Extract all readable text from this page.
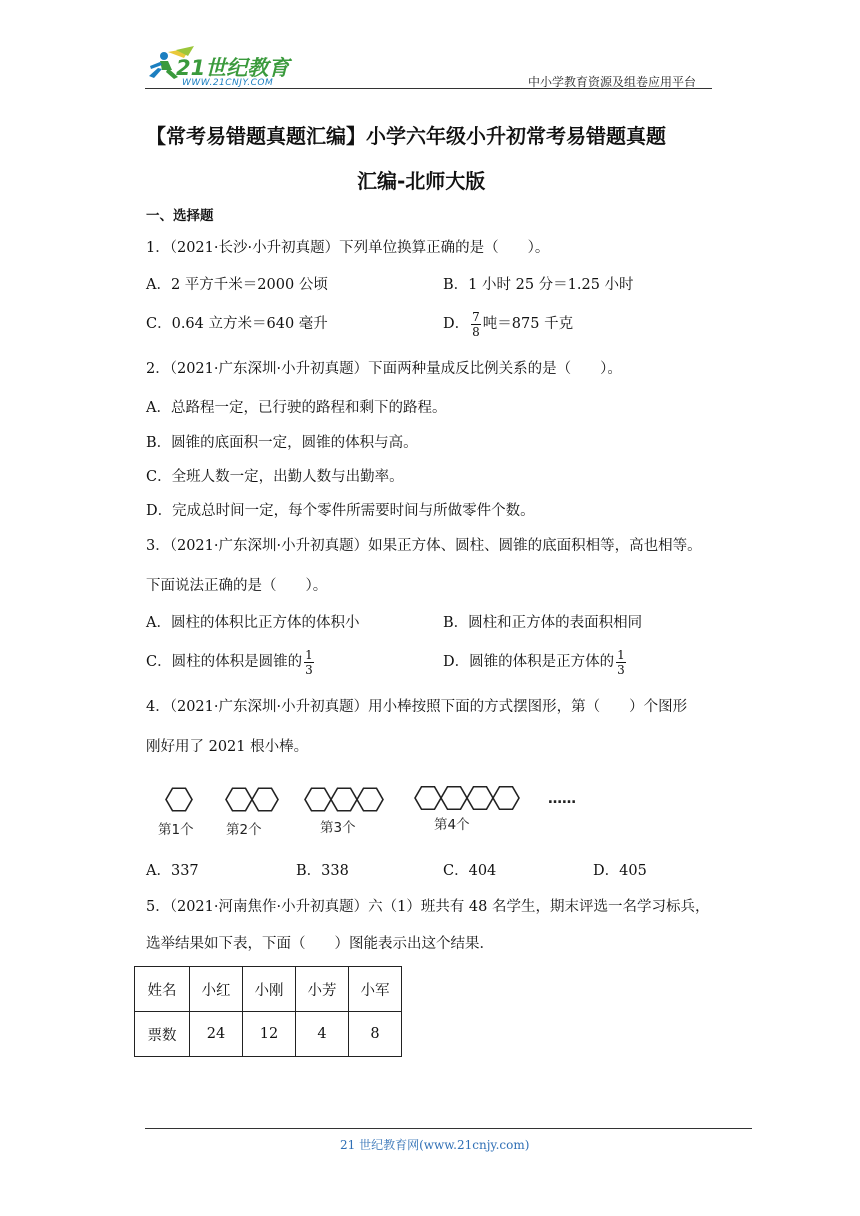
21世纪教育
WWW.21CNJY.COM	中小学教育资源及组卷应用平台
【常考易错题真题汇编】小学六年级小升初常考易错题真题
汇编-北师大版
一、选择题
1．（2021·长沙·小升初真题）下列单位换算正确的是（　　）。
A．2 平方千米＝2000 公顷	B．1 小时 25 分＝1.25 小时
C．0.64 立方米＝640 毫升	D． $\frac{7}{8}$ 吨＝875 千克
2．（2021·广东深圳·小升初真题）下面两种量成反比例关系的是（　　）。
A．总路程一定，已行驶的路程和剩下的路程。
B．圆锥的底面积一定，圆锥的体积与高。
C．全班人数一定，出勤人数与出勤率。
D．完成总时间一定，每个零件所需要时间与所做零件个数。
3．（2021·广东深圳·小升初真题）如果正方体、圆柱、圆锥的底面积相等，高也相等。
下面说法正确的是（　　）。
A．圆柱的体积比正方体的体积小	B．圆柱和正方体的表面积相同
C．圆柱的体积是圆锥的 $\frac{1}{3}$	D．圆锥的体积是正方体的 $\frac{1}{3}$
4．（2021·广东深圳·小升初真题）用小棒按照下面的方式摆图形，第（　　）个图形
刚好用了 2021 根小棒。
第1个 第2个	第3个	第4个
……
A．337	B．338	C．404	D．405
5．（2021·河南焦作·小升初真题）六（1）班共有 48 名学生，期末评选一名学习标兵，
选举结果如下表，下面（　　）图能表示出这个结果．
姓名	小红	小刚	小芳	小军
票数	24	12	4	8
21 世纪教育网(www.21cnjy.com)
